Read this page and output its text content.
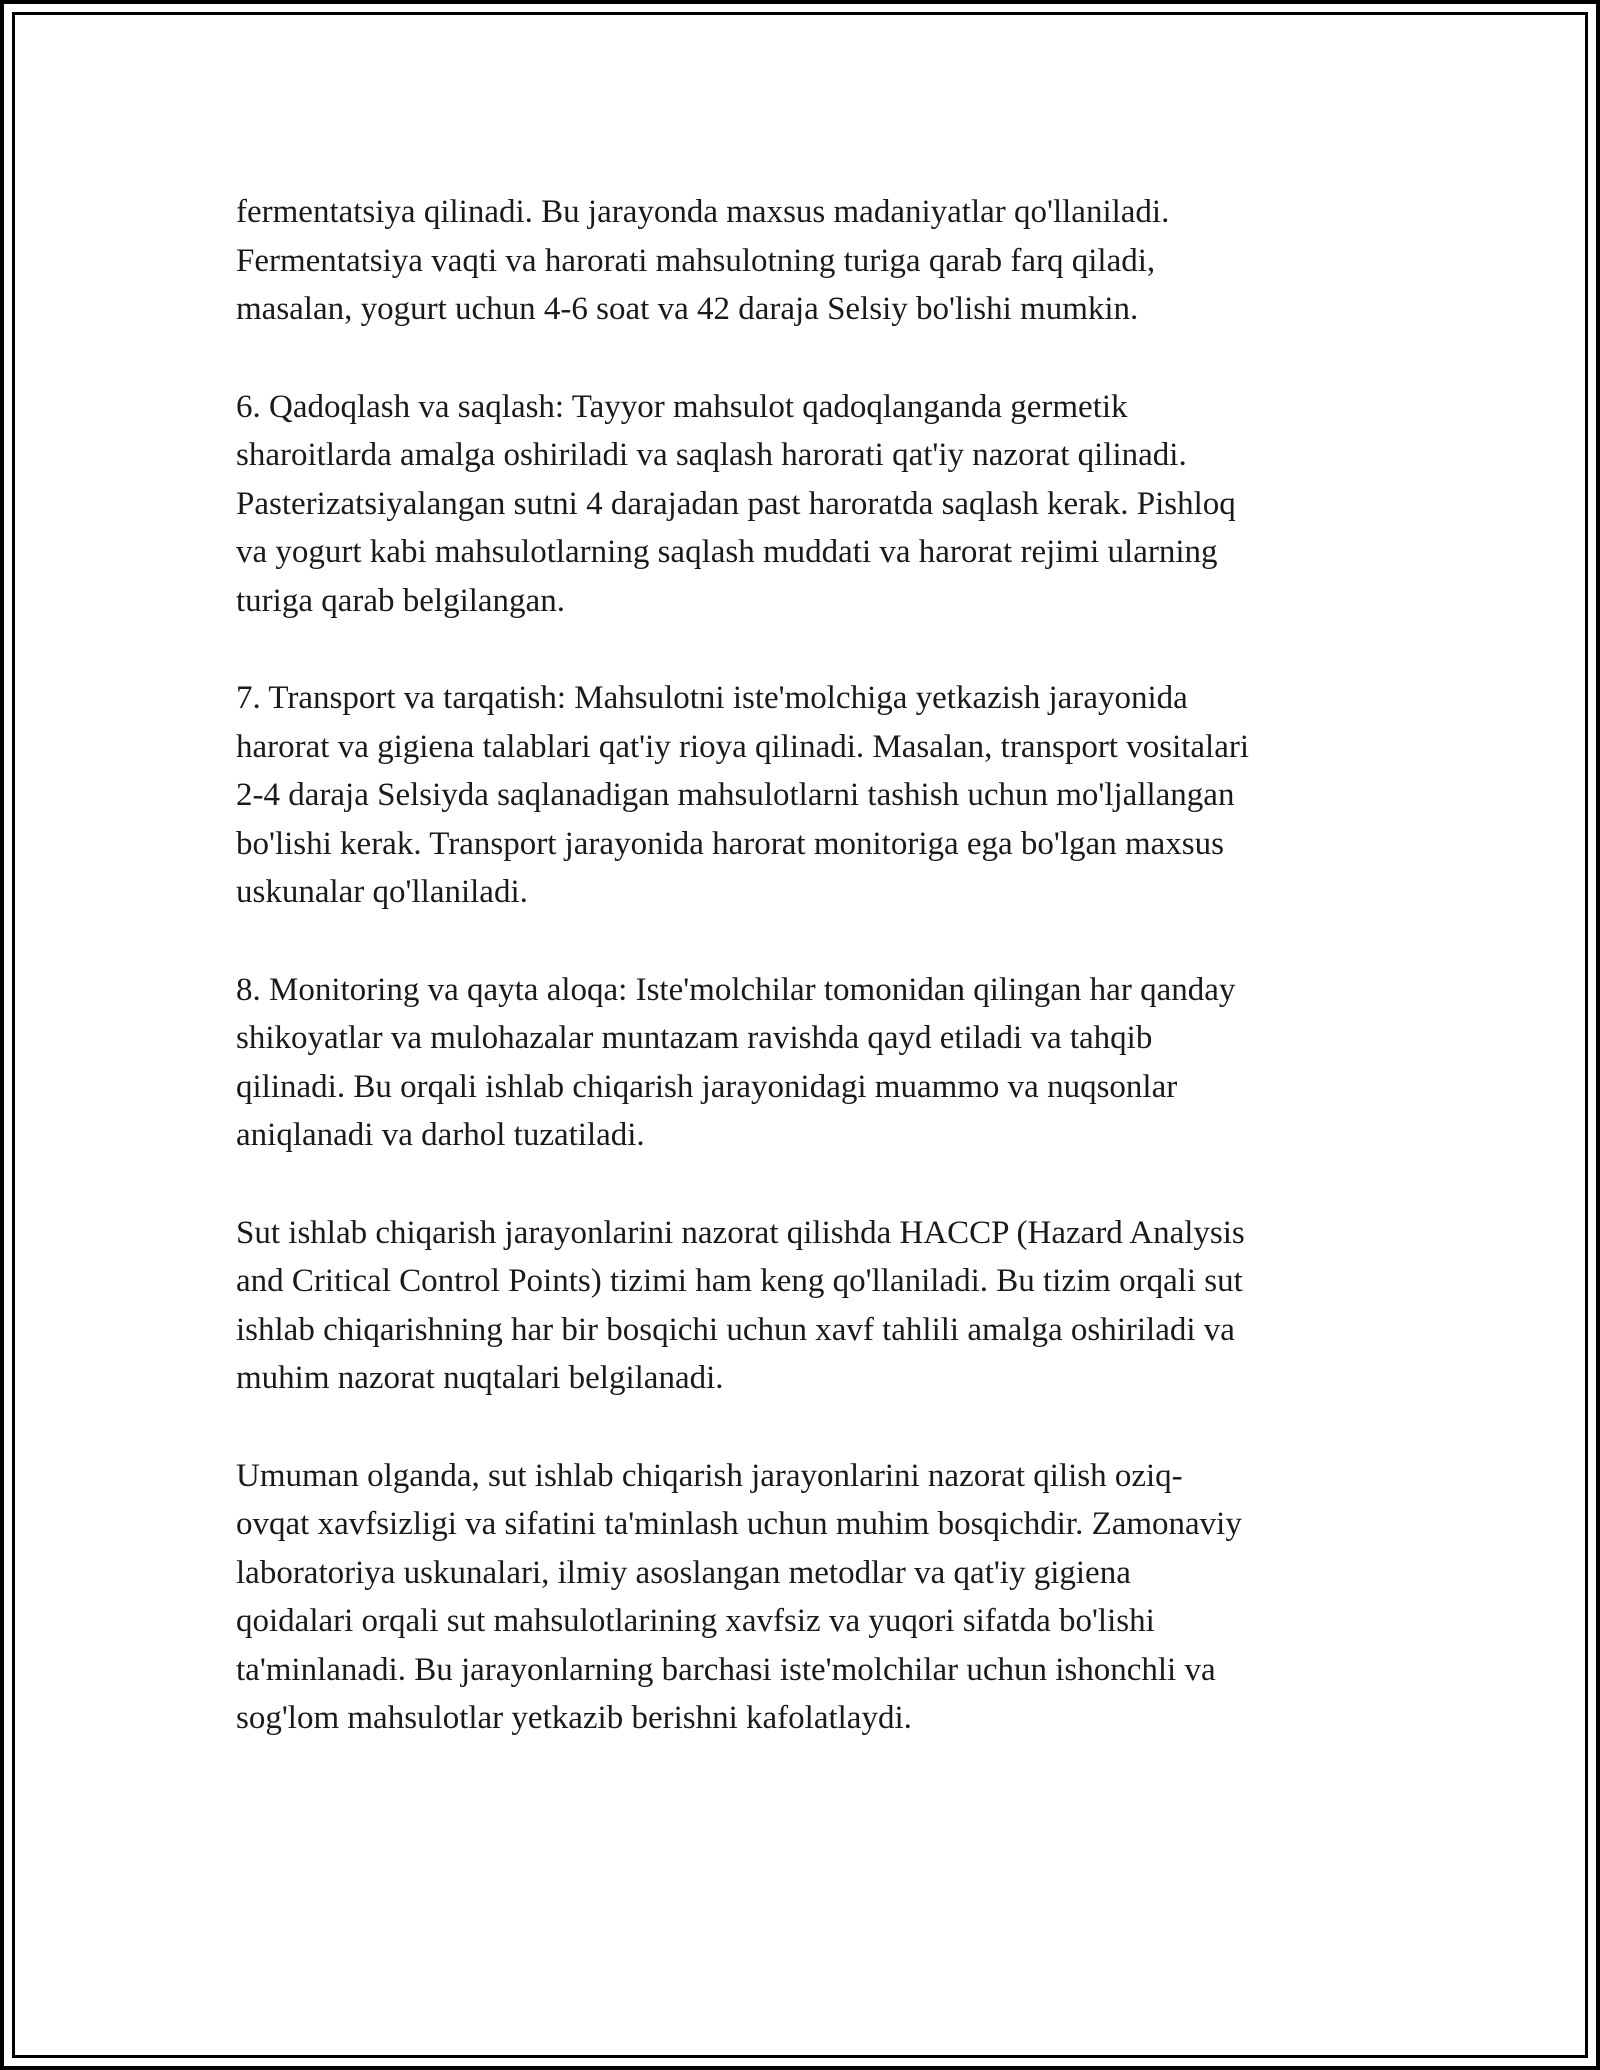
fermentatsiya qilinadi. Bu jarayonda maxsus madaniyatlar qo'llaniladi.
Fermentatsiya vaqti va harorati mahsulotning turiga qarab farq qiladi,
masalan, yogurt uchun 4-6 soat va 42 daraja Selsiy bo'lishi mumkin.

6. Qadoqlash va saqlash: Tayyor mahsulot qadoqlanganda germetik
sharoitlarda amalga oshiriladi va saqlash harorati qat'iy nazorat qilinadi.
Pasterizatsiyalangan sutni 4 darajadan past haroratda saqlash kerak. Pishloq
va yogurt kabi mahsulotlarning saqlash muddati va harorat rejimi ularning
turiga qarab belgilangan.

7. Transport va tarqatish: Mahsulotni iste'molchiga yetkazish jarayonida
harorat va gigiena talablari qat'iy rioya qilinadi. Masalan, transport vositalari
2-4 daraja Selsiyda saqlanadigan mahsulotlarni tashish uchun mo'ljallangan
bo'lishi kerak. Transport jarayonida harorat monitoriga ega bo'lgan maxsus
uskunalar qo'llaniladi.

8. Monitoring va qayta aloqa: Iste'molchilar tomonidan qilingan har qanday
shikoyatlar va mulohazalar muntazam ravishda qayd etiladi va tahqib
qilinadi. Bu orqali ishlab chiqarish jarayonidagi muammo va nuqsonlar
aniqlanadi va darhol tuzatiladi.

Sut ishlab chiqarish jarayonlarini nazorat qilishda HACCP (Hazard Analysis
and Critical Control Points) tizimi ham keng qo'llaniladi. Bu tizim orqali sut
ishlab chiqarishning har bir bosqichi uchun xavf tahlili amalga oshiriladi va
muhim nazorat nuqtalari belgilanadi.

Umuman olganda, sut ishlab chiqarish jarayonlarini nazorat qilish oziq-
ovqat xavfsizligi va sifatini ta'minlash uchun muhim bosqichdir. Zamonaviy
laboratoriya uskunalari, ilmiy asoslangan metodlar va qat'iy gigiena
qoidalari orqali sut mahsulotlarining xavfsiz va yuqori sifatda bo'lishi
ta'minlanadi. Bu jarayonlarning barchasi iste'molchilar uchun ishonchli va
sog'lom mahsulotlar yetkazib berishni kafolatlaydi.
